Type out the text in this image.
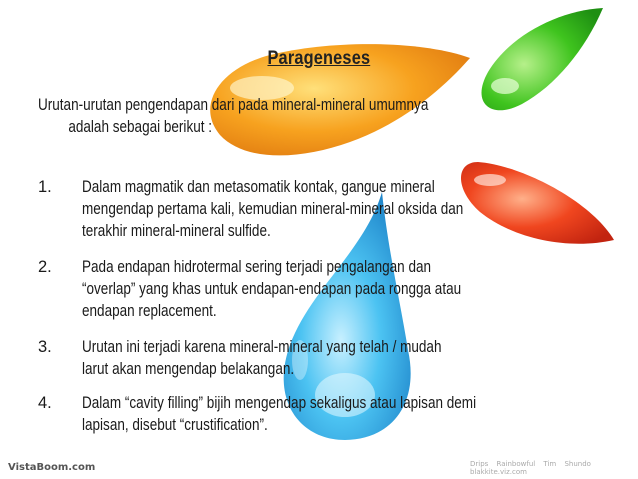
Parageneses
Urutan-urutan pengendapan dari pada mineral-mineral umumnya
adalah sebagai berikut :
1.	Dalam magmatik dan metasomatik kontak, gangue mineral
mengendap pertama kali, kemudian mineral-mineral oksida dan
terakhir mineral-mineral sulfide.
2.	Pada endapan hidrotermal sering terjadi pengalangan dan
“overlap” yang khas untuk endapan-endapan pada rongga atau
endapan replacement.
3.	Urutan ini terjadi karena mineral-mineral yang telah / mudah
larut akan mengendap belakangan.
4.	Dalam “cavity filling” bijih mengendap sekaligus atau lapisan demi
lapisan, disebut “crustification”.
VistaBoom.com	Drips Rainbowful Tim Shundo blakkite.viz.com
